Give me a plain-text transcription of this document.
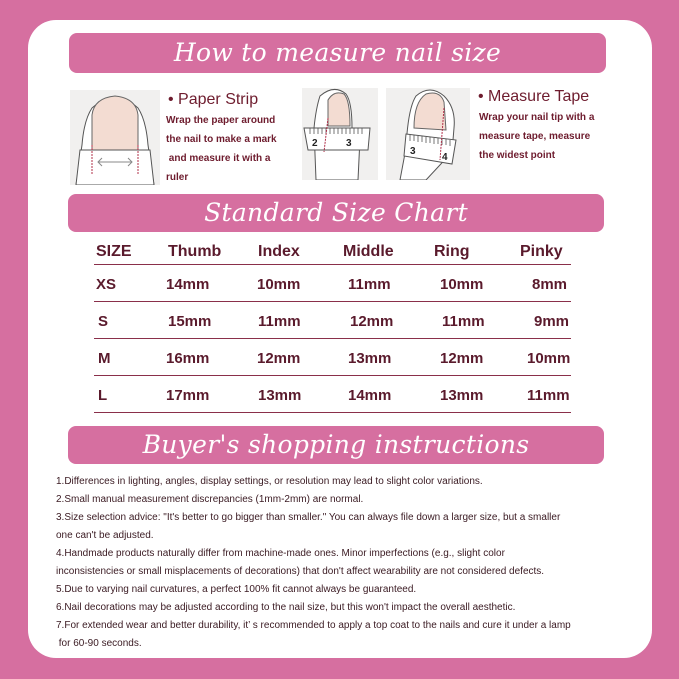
How to measure nail size
• Paper Strip
Wrap the paper around
the nail to make a mark
and measure it with a
ruler
2	3
3
4
• Measure Tape
Wrap your nail tip with a
measure tape, measure
the widest point
Standard Size Chart
SIZE Thumb Index	Middle	Ring	Pinky
XS	14mm	10mm	11mm	10mm	8mm
S	15mm	11mm	12mm	11mm	9mm
M	16mm	12mm	13mm	12mm	10mm
L	17mm	13mm	14mm	13mm	11mm
Buyer's shopping instructions

1.Differences in lighting, angles, display settings, or resolution may lead to slight color variations.

2.Small manual measurement discrepancies (1mm-2mm) are normal.

3.Size selection advice: "It's better to go bigger than smaller." You can always file down a larger size, but a smaller

one can't be adjusted.

4.Handmade products naturally differ from machine-made ones. Minor imperfections (e.g., slight color

inconsistencies or small misplacements of decorations) that don't affect wearability are not considered defects.

5.Due to varying nail curvatures, a perfect 100% fit cannot always be guaranteed.

6.Nail decorations may be adjusted according to the nail size, but this won't impact the overall aesthetic.

7.For extended wear and better durability, it’ s recommended to apply a top coat to the nails and cure it under a lamp

for 60-90 seconds.
